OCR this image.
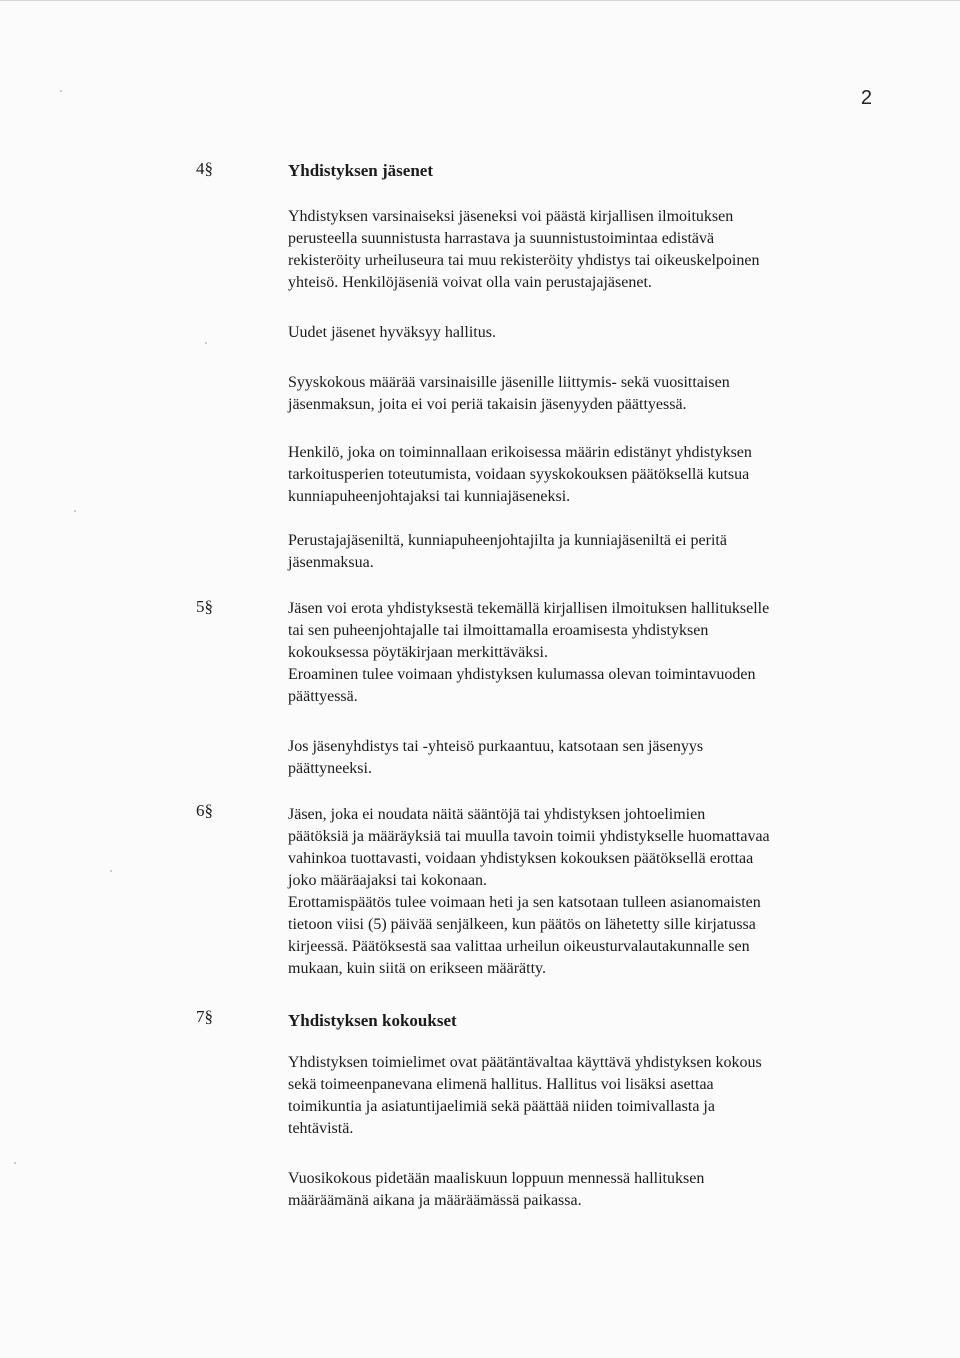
2
4§	Yhdistyksen jäsenet

Yhdistyksen varsinaiseksi jäseneksi voi päästä kirjallisen ilmoituksen
perusteella suunnistusta harrastava ja suunnistustoimintaa edistävä
rekisteröity urheiluseura tai muu rekisteröity yhdistys tai oikeuskelpoinen
yhteisö. Henkilöjäseniä voivat olla vain perustajajäsenet.

Uudet jäsenet hyväksyy hallitus.

Syyskokous määrää varsinaisille jäsenille liittymis- sekä vuosittaisen
jäsenmaksun, joita ei voi periä takaisin jäsenyyden päättyessä.

Henkilö, joka on toiminnallaan erikoisessa määrin edistänyt yhdistyksen
tarkoitusperien toteutumista, voidaan syyskokouksen päätöksellä kutsua
kunniapuheenjohtajaksi tai kunniajäseneksi.

Perustajajäseniltä, kunniapuheenjohtajilta ja kunniajäseniltä ei peritä
jäsenmaksua.

5§	Jäsen voi erota yhdistyksestä tekemällä kirjallisen ilmoituksen hallitukselle
tai sen puheenjohtajalle tai ilmoittamalla eroamisesta yhdistyksen
kokouksessa pöytäkirjaan merkittäväksi.
Eroaminen tulee voimaan yhdistyksen kulumassa olevan toimintavuoden
päättyessä.

Jos jäsenyhdistys tai -yhteisö purkaantuu, katsotaan sen jäsenyys
päättyneeksi.

6§	Jäsen, joka ei noudata näitä sääntöjä tai yhdistyksen johtoelimien
päätöksiä ja määräyksiä tai muulla tavoin toimii yhdistykselle huomattavaa
vahinkoa tuottavasti, voidaan yhdistyksen kokouksen päätöksellä erottaa
joko määräajaksi tai kokonaan.
Erottamispäätös tulee voimaan heti ja sen katsotaan tulleen asianomaisten
tietoon viisi (5) päivää senjälkeen, kun päätös on lähetetty sille kirjatussa
kirjeessä. Päätöksestä saa valittaa urheilun oikeusturvalautakunnalle sen
mukaan, kuin siitä on erikseen määrätty.

7§	Yhdistyksen kokoukset

Yhdistyksen toimielimet ovat päätäntävaltaa käyttävä yhdistyksen kokous
sekä toimeenpanevana elimenä hallitus. Hallitus voi lisäksi asettaa
toimikuntia ja asiatuntijaelimiä sekä päättää niiden toimivallasta ja
tehtävistä.

Vuosikokous pidetään maaliskuun loppuun mennessä hallituksen
määräämänä aikana ja määräämässä paikassa.
